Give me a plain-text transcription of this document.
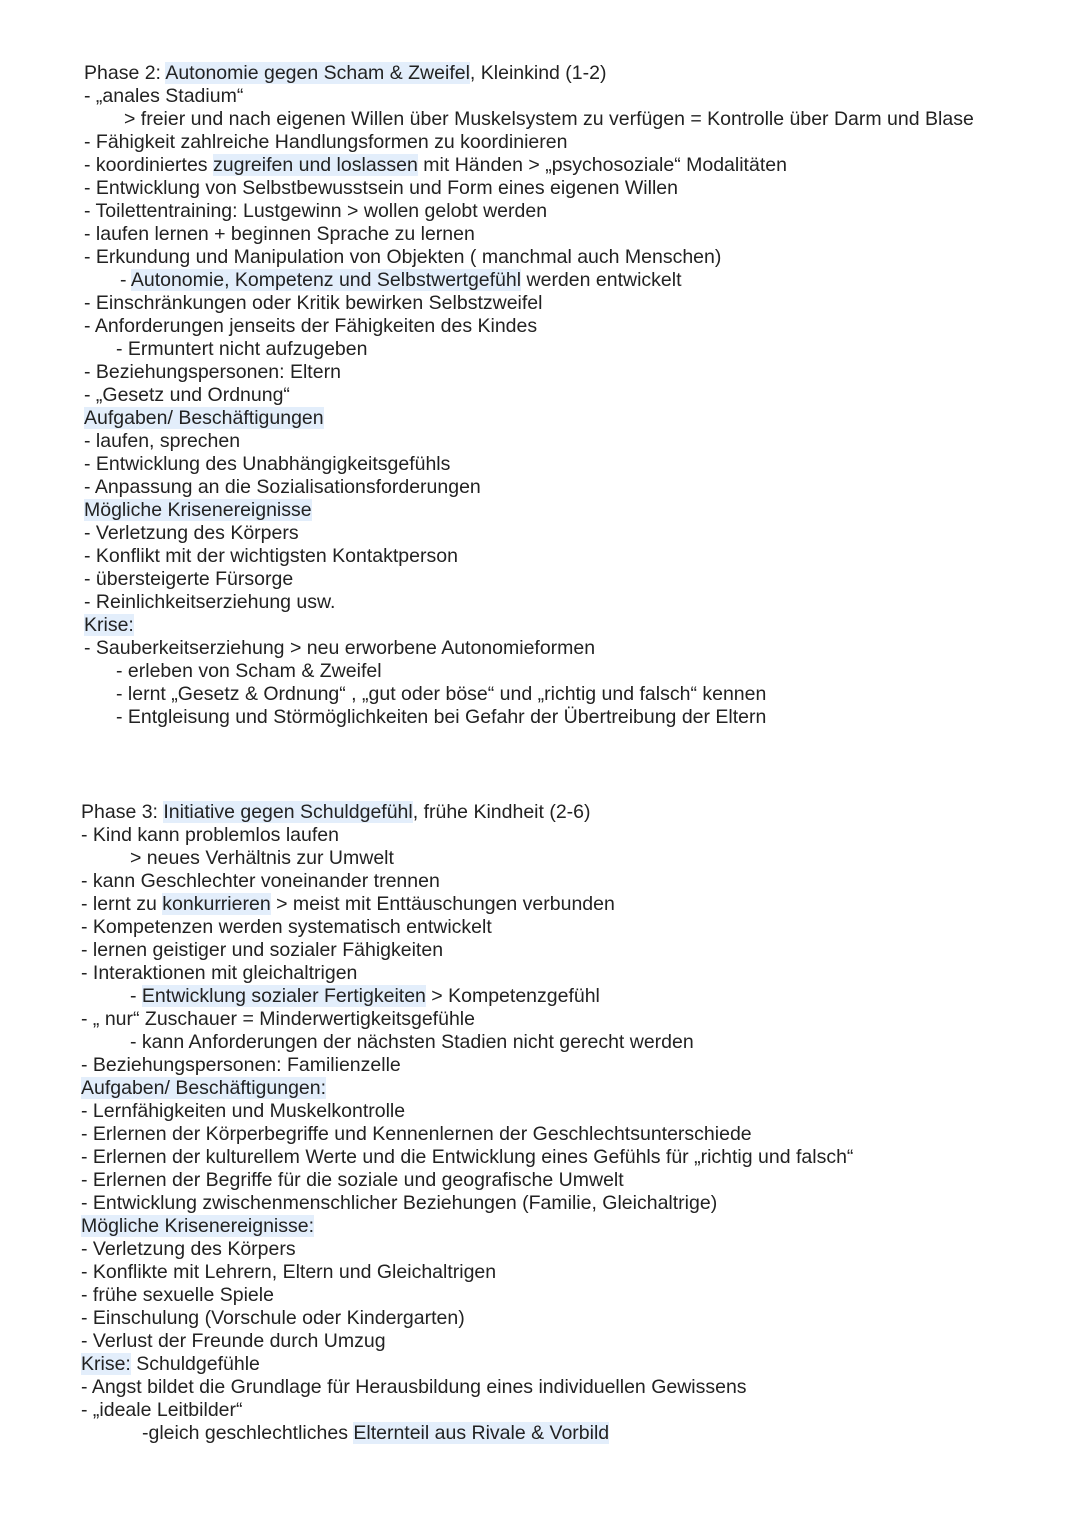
Phase 2: Autonomie gegen Scham & Zweifel, Kleinkind (1-2)
- „anales Stadium“
> freier und nach eigenen Willen über Muskelsystem zu verfügen = Kontrolle über Darm und Blase
- Fähigkeit zahlreiche Handlungsformen zu koordinieren
- koordiniertes zugreifen und loslassen mit Händen > „psychosoziale“ Modalitäten
- Entwicklung von Selbstbewusstsein und Form eines eigenen Willen
- Toilettentraining: Lustgewinn > wollen gelobt werden
- laufen lernen + beginnen Sprache zu lernen
- Erkundung und Manipulation von Objekten ( manchmal auch Menschen)
- Autonomie, Kompetenz und Selbstwertgefühl werden entwickelt
- Einschränkungen oder Kritik bewirken Selbstzweifel
- Anforderungen jenseits der Fähigkeiten des Kindes
- Ermuntert nicht aufzugeben
- Beziehungspersonen: Eltern
- „Gesetz und Ordnung“
Aufgaben/ Beschäftigungen
- laufen, sprechen
- Entwicklung des Unabhängigkeitsgefühls
- Anpassung an die Sozialisationsforderungen
Mögliche Krisenereignisse
- Verletzung des Körpers
- Konflikt mit der wichtigsten Kontaktperson
- übersteigerte Fürsorge
- Reinlichkeitserziehung usw.
Krise:
- Sauberkeitserziehung > neu erworbene Autonomieformen
- erleben von Scham & Zweifel
- lernt „Gesetz & Ordnung“ , „gut oder böse“ und „richtig und falsch“ kennen
- Entgleisung und Störmöglichkeiten bei Gefahr der Übertreibung der Eltern
Phase 3: Initiative gegen Schuldgefühl, frühe Kindheit (2-6)
- Kind kann problemlos laufen
> neues Verhältnis zur Umwelt
- kann Geschlechter voneinander trennen
- lernt zu konkurrieren > meist mit Enttäuschungen verbunden
- Kompetenzen werden systematisch entwickelt
- lernen geistiger und sozialer Fähigkeiten
- Interaktionen mit gleichaltrigen
- Entwicklung sozialer Fertigkeiten > Kompetenzgefühl
- „ nur“ Zuschauer = Minderwertigkeitsgefühle
- kann Anforderungen der nächsten Stadien nicht gerecht werden
- Beziehungspersonen: Familienzelle
Aufgaben/ Beschäftigungen:
- Lernfähigkeiten und Muskelkontrolle
- Erlernen der Körperbegriffe und Kennenlernen der Geschlechtsunterschiede
- Erlernen der kulturellem Werte und die Entwicklung eines Gefühls für „richtig und falsch“
- Erlernen der Begriffe für die soziale und geografische Umwelt
- Entwicklung zwischenmenschlicher Beziehungen (Familie, Gleichaltrige)
Mögliche Krisenereignisse:
- Verletzung des Körpers
- Konflikte mit Lehrern, Eltern und Gleichaltrigen
- frühe sexuelle Spiele
- Einschulung (Vorschule oder Kindergarten)
- Verlust der Freunde durch Umzug
Krise: Schuldgefühle
- Angst bildet die Grundlage für Herausbildung eines individuellen Gewissens
- „ideale Leitbilder“
-gleich geschlechtliches Elternteil aus Rivale & Vorbild
